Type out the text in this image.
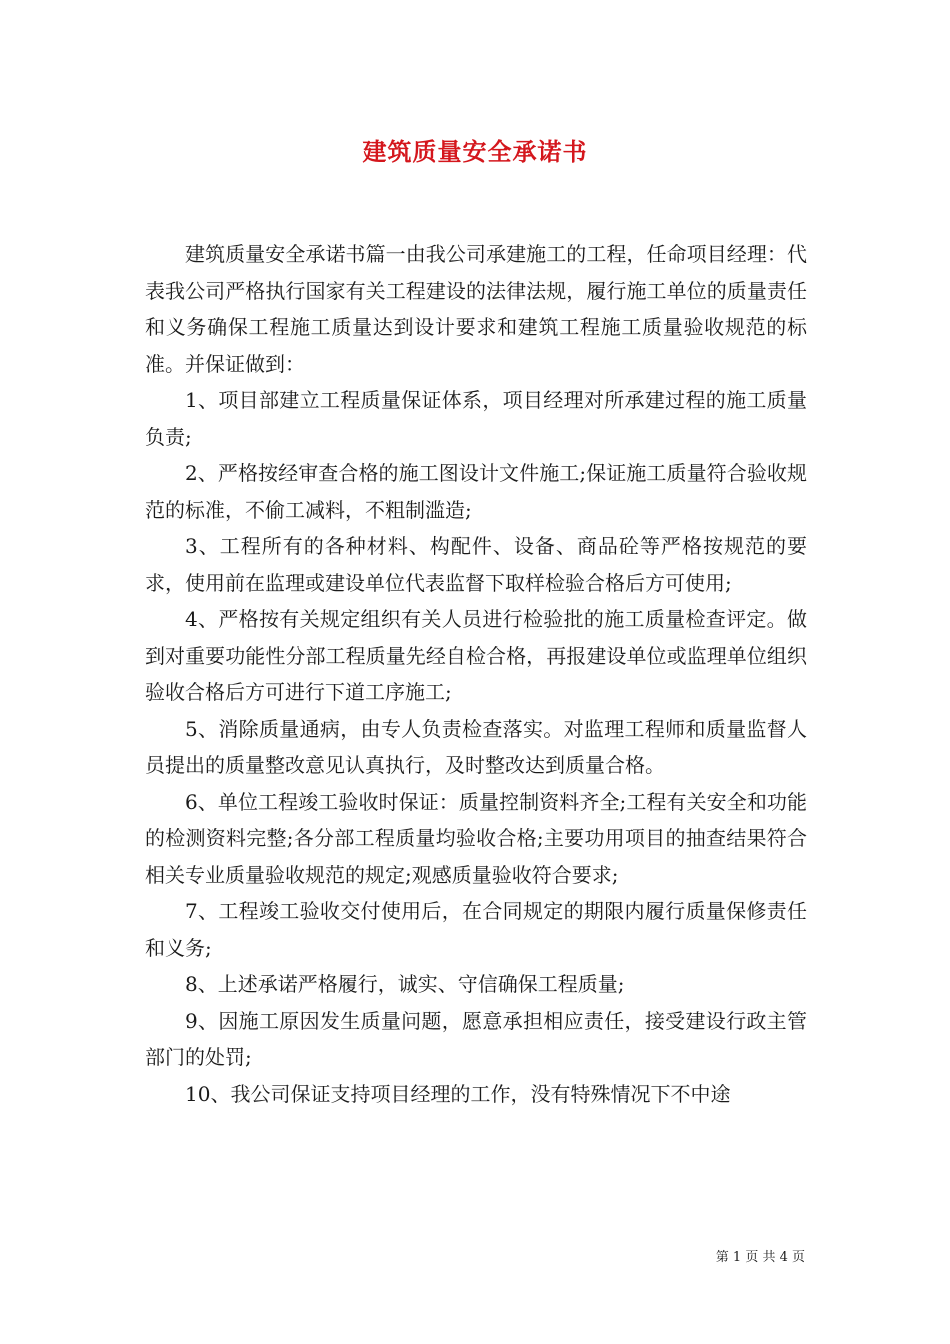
建筑质量安全承诺书

建筑质量安全承诺书篇一由我公司承建施工的工程，任命项目经理：代表我公司严格执行国家有关工程建设的法律法规，履行施工单位的质量责任和义务确保工程施工质量达到设计要求和建筑工程施工质量验收规范的标准。并保证做到：

1、项目部建立工程质量保证体系，项目经理对所承建过程的施工质量负责;

2、严格按经审查合格的施工图设计文件施工;保证施工质量符合验收规范的标准，不偷工减料，不粗制滥造;

3、工程所有的各种材料、构配件、设备、商品砼等严格按规范的要求，使用前在监理或建设单位代表监督下取样检验合格后方可使用;

4、严格按有关规定组织有关人员进行检验批的施工质量检查评定。做到对重要功能性分部工程质量先经自检合格，再报建设单位或监理单位组织验收合格后方可进行下道工序施工;

5、消除质量通病，由专人负责检查落实。对监理工程师和质量监督人员提出的质量整改意见认真执行，及时整改达到质量合格。

6、单位工程竣工验收时保证：质量控制资料齐全;工程有关安全和功能的检测资料完整;各分部工程质量均验收合格;主要功用项目的抽查结果符合相关专业质量验收规范的规定;观感质量验收符合要求;

7、工程竣工验收交付使用后，在合同规定的期限内履行质量保修责任和义务;

8、上述承诺严格履行，诚实、守信确保工程质量;

9、因施工原因发生质量问题，愿意承担相应责任，接受建设行政主管部门的处罚;

10、我公司保证支持项目经理的工作，没有特殊情况下不中途

第 1 页 共 4 页
